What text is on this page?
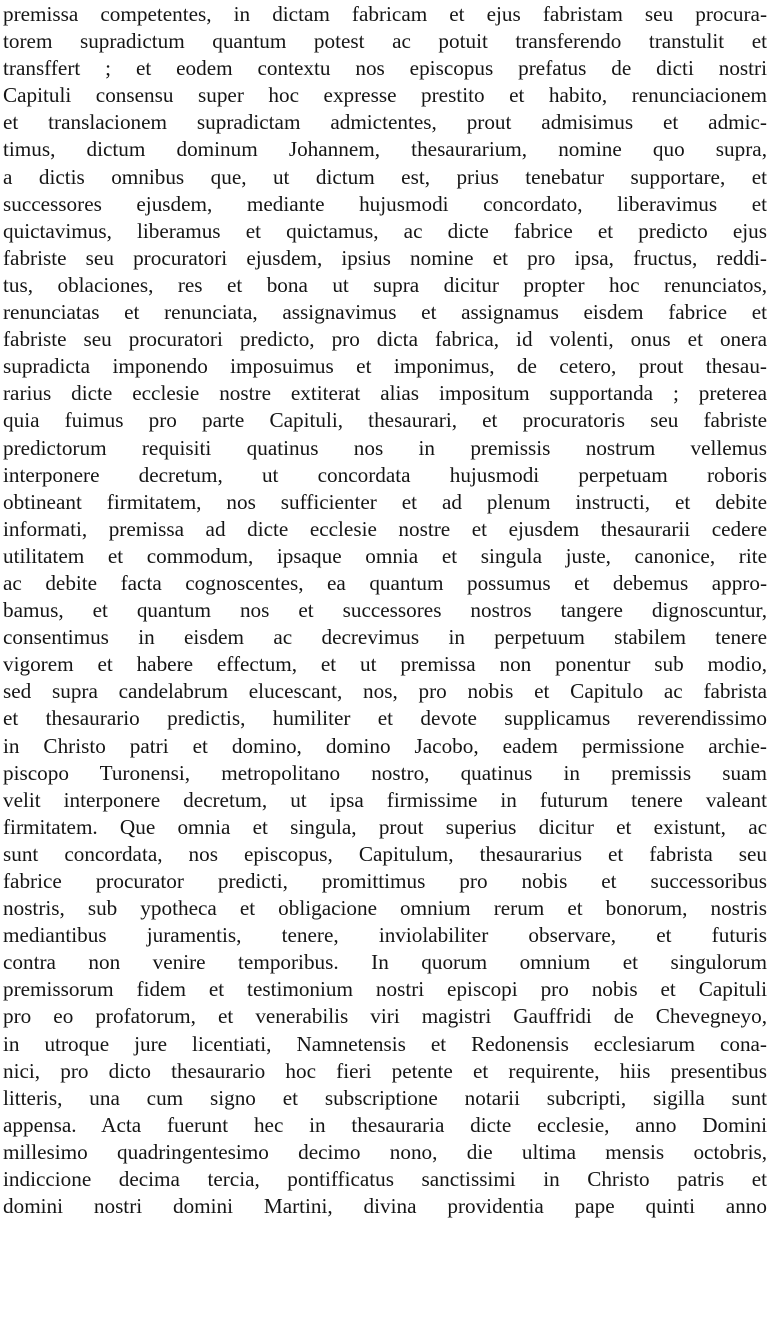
premissa competentes, in dictam fabricam et ejus fabristam seu procura-
torem supradictum quantum potest ac potuit transferendo transtulit et
transffert ; et eodem contextu nos episcopus prefatus de dicti nostri
Capituli consensu super hoc expresse prestito et habito, renunciacionem
et translacionem supradictam admictentes, prout admisimus et admic-
timus, dictum dominum Johannem, thesaurarium, nomine quo supra,
a dictis omnibus que, ut dictum est, prius tenebatur supportare, et
successores ejusdem, mediante hujusmodi concordato, liberavimus et
quictavimus, liberamus et quictamus, ac dicte fabrice et predicto ejus
fabriste seu procuratori ejusdem, ipsius nomine et pro ipsa, fructus, reddi-
tus, oblaciones, res et bona ut supra dicitur propter hoc renunciatos,
renunciatas et renunciata, assignavimus et assignamus eisdem fabrice et
fabriste seu procuratori predicto, pro dicta fabrica, id volenti, onus et onera
supradicta imponendo imposuimus et imponimus, de cetero, prout thesau-
rarius dicte ecclesie nostre extiterat alias impositum supportanda ; preterea
quia fuimus pro parte Capituli, thesaurari, et procuratoris seu fabriste
predictorum requisiti quatinus nos in premissis nostrum vellemus
interponere decretum, ut concordata hujusmodi perpetuam roboris
obtineant firmitatem, nos sufficienter et ad plenum instructi, et debite
informati, premissa ad dicte ecclesie nostre et ejusdem thesaurarii cedere
utilitatem et commodum, ipsaque omnia et singula juste, canonice, rite
ac debite facta cognoscentes, ea quantum possumus et debemus appro-
bamus, et quantum nos et successores nostros tangere dignoscuntur,
consentimus in eisdem ac decrevimus in perpetuum stabilem tenere
vigorem et habere effectum, et ut premissa non ponentur sub modio,
sed supra candelabrum elucescant, nos, pro nobis et Capitulo ac fabrista
et thesaurario predictis, humiliter et devote supplicamus reverendissimo
in Christo patri et domino, domino Jacobo, eadem permissione archie-
piscopo Turonensi, metropolitano nostro, quatinus in premissis suam
velit interponere decretum, ut ipsa firmissime in futurum tenere valeant
firmitatem. Que omnia et singula, prout superius dicitur et existunt, ac
sunt concordata, nos episcopus, Capitulum, thesaurarius et fabrista seu
fabrice procurator predicti, promittimus pro nobis et successoribus
nostris, sub ypotheca et obligacione omnium rerum et bonorum, nostris
mediantibus juramentis, tenere, inviolabiliter observare, et futuris
contra non venire temporibus. In quorum omnium et singulorum
premissorum fidem et testimonium nostri episcopi pro nobis et Capituli
pro eo profatorum, et venerabilis viri magistri Gauffridi de Chevegneyo,
in utroque jure licentiati, Namnetensis et Redonensis ecclesiarum cona-
nici, pro dicto thesaurario hoc fieri petente et requirente, hiis presentibus
litteris, una cum signo et subscriptione notarii subcripti, sigilla sunt
appensa. Acta fuerunt hec in thesauraria dicte ecclesie, anno Domini
millesimo quadringentesimo decimo nono, die ultima mensis octobris,
indiccione decima tercia, pontifficatus sanctissimi in Christo patris et
domini nostri domini Martini, divina providentia pape quinti anno
